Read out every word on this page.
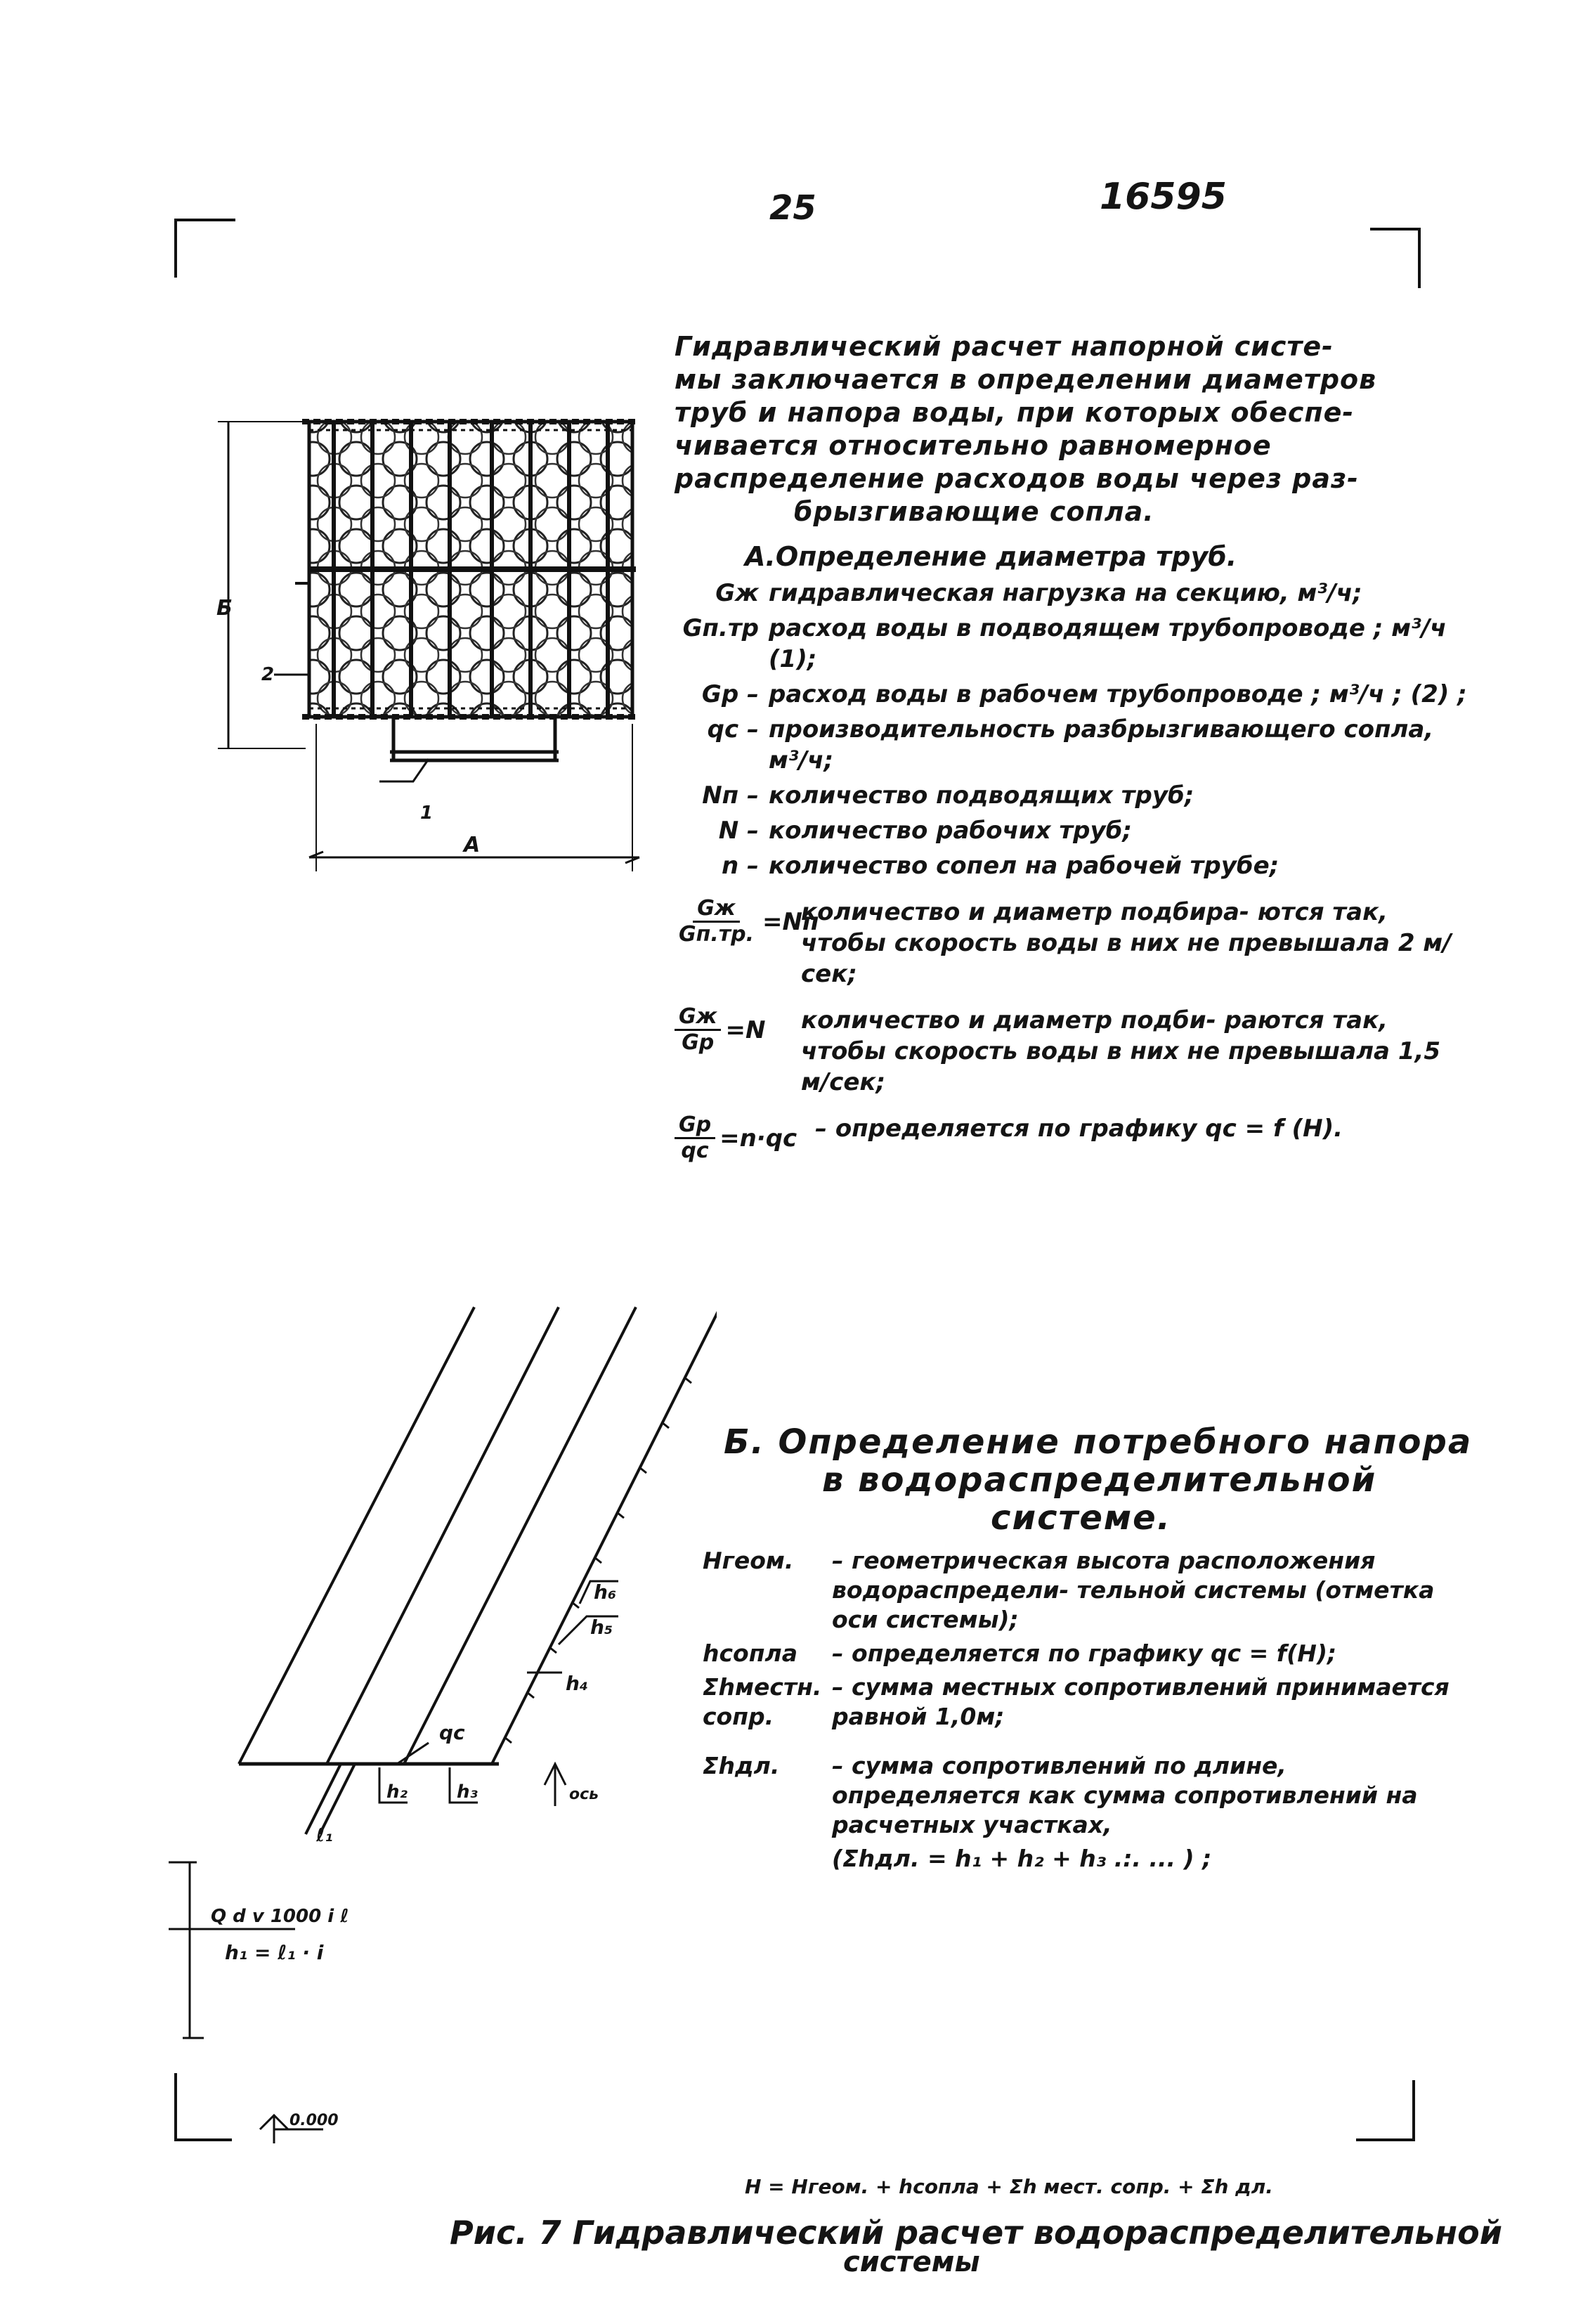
25	16595
Б
2
1
А
Гидравлический расчет напорной систе-
мы заключается в определении диаметров
труб и напора воды, при которых обеспе-
чивается относительно равномерное
распределение расходов воды через раз-
брызгивающие сопла.
А.Определение диаметра труб.
Gж гидравлическая нагрузка на секцию, м³/ч;
Gп.тр расход воды в подводящем трубопроводе ; м³/ч (1);
Gр – расход воды в рабочем трубопроводе ; м³/ч ; (2) ;
qс – производительность разбрызгивающего сопла, м³/ч;
Nп – количество подводящих труб;
N – количество рабочих труб;
n – количество сопел на рабочей трубе;
$\frac{Gж}{Gп.тр.} =Nп$
количество и диаметр подбира- ются так, чтобы скорость воды в них не превышала 2 м/сек;
$\frac{Gж}{Gр} =N$ количество и диаметр подби- раются так, чтобы скорость воды в них не превышала 1,5 м/сек;
$\frac{Gр}{qс} =n\cdot qс$ – определяется по графику qс = f (H).
Б. Определение потребного напора
в водораспределительной
системе.
Hгеом.	– геометрическая высота расположения водораспредели- тельной системы (отметка оси системы);
hсопла	– определяется по графику qс = f(H);
Σhместн. сопр.
– сумма местных сопротивлений принимается равной 1,0м;
Σhдл.	– сумма сопротивлений по длине, определяется как сумма сопротивлений на расчетных участках,
(Σhдл. = h₁ + h₂ + h₃ .:. ... ) ;
H = Hгеом. + hсопла + Σh мест. сопр. + Σh дл.
h₆
h₅
h₄
qс
h₂	h₃
ℓ₁
ось
Q d v 1000 i ℓ
h₁ = ℓ₁ · i
0.000
Рис. 7 Гидравлический расчет водораспределительной
системы
